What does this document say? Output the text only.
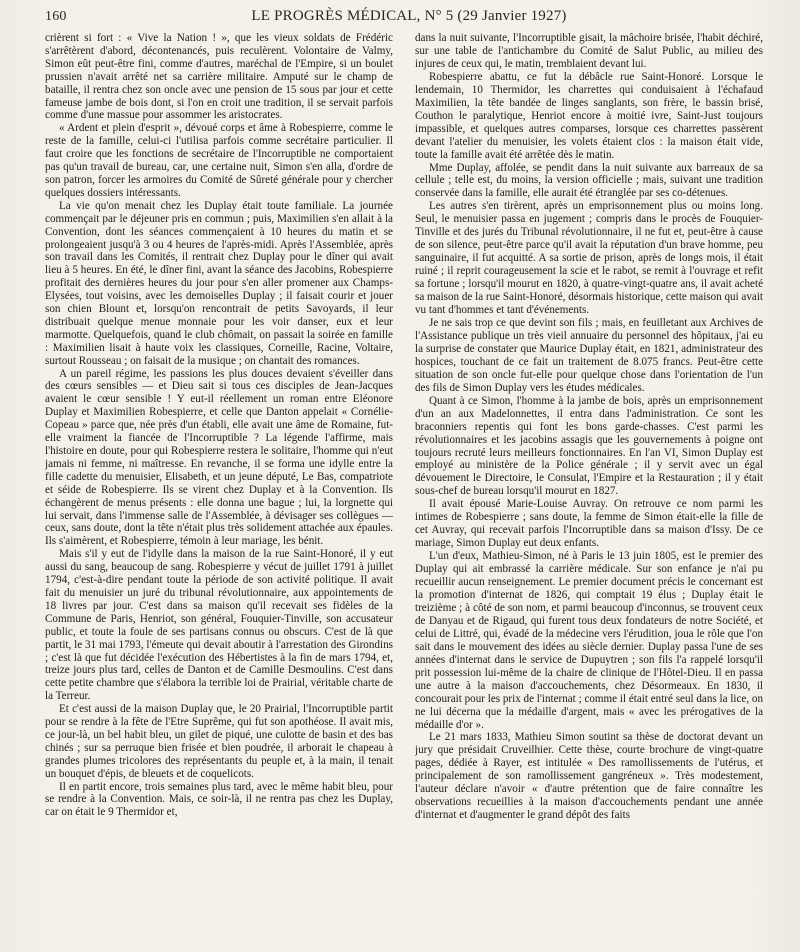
160	LE PROGRÈS MÉDICAL, N° 5 (29 Janvier 1927)

crièrent si fort : « Vive la Nation ! », que les vieux soldats de Frédéric s'arrêtèrent d'abord, décontenancés, puis reculèrent. Volontaire de Valmy, Simon eût peut-être fini, comme d'autres, maréchal de l'Empire, si un boulet prussien n'avait arrêté net sa carrière militaire. Amputé sur le champ de bataille, il rentra chez son oncle avec une pension de 15 sous par jour et cette fameuse jambe de bois dont, si l'on en croit une tradition, il se servait parfois comme d'une massue pour assommer les aristocrates.

« Ardent et plein d'esprit », dévoué corps et âme à Robespierre, comme le reste de la famille, celui-ci l'utilisa parfois comme secrétaire particulier. Il faut croire que les fonctions de secrétaire de l'Incorruptible ne comportaient pas qu'un travail de bureau, car, une certaine nuit, Simon s'en alla, d'ordre de son patron, forcer les armoires du Comité de Sûreté générale pour y chercher quelques dossiers intéressants.

La vie qu'on menait chez les Duplay était toute familiale. La journée commençait par le déjeuner pris en commun ; puis, Maximilien s'en allait à la Convention, dont les séances commençaient à 10 heures du matin et se prolongeaient jusqu'à 3 ou 4 heures de l'après-midi. Après l'Assemblée, après son travail dans les Comités, il rentrait chez Duplay pour le dîner qui avait lieu à 5 heures. En été, le dîner fini, avant la séance des Jacobins, Robespierre profitait des dernières heures du jour pour s'en aller promener aux Champs-Elysées, tout voisins, avec les demoiselles Duplay ; il faisait courir et jouer son chien Blount et, lorsqu'on rencontrait de petits Savoyards, il leur distribuait quelque menue monnaie pour les voir danser, eux et leur marmotte. Quelquefois, quand le club chômait, on passait la soirée en famille : Maximilien lisait à haute voix les classiques, Corneille, Racine, Voltaire, surtout Rousseau ; on faisait de la musique ; on chantait des romances.

A un pareil régime, les passions les plus douces devaient s'éveiller dans des cœurs sensibles — et Dieu sait si tous ces disciples de Jean-Jacques avaient le cœur sensible ! Y eut-il réellement un roman entre Eléonore Duplay et Maximilien Robespierre, et celle que Danton appelait « Cornélie-Copeau » parce que, née près d'un établi, elle avait une âme de Romaine, fut-elle vraiment la fiancée de l'Incorruptible ? La légende l'affirme, mais l'histoire en doute, pour qui Robespierre restera le solitaire, l'homme qui n'eut jamais ni femme, ni maîtresse. En revanche, il se forma une idylle entre la fille cadette du menuisier, Elisabeth, et un jeune député, Le Bas, compatriote et séide de Robespierre. Ils se virent chez Duplay et à la Convention. Ils échangèrent de menus présents : elle donna une bague ; lui, la lorgnette qui lui servait, dans l'immense salle de l'Assemblée, à dévisager ses collègues — ceux, sans doute, dont la tête n'était plus très solidement attachée aux épaules. Ils s'aimèrent, et Robespierre, témoin à leur mariage, les bénit.

Mais s'il y eut de l'idylle dans la maison de la rue Saint-Honoré, il y eut aussi du sang, beaucoup de sang. Robespierre y vécut de juillet 1791 à juillet 1794, c'est-à-dire pendant toute la période de son activité politique. Il avait fait du menuisier un juré du tribunal révolutionnaire, aux appointements de 18 livres par jour. C'est dans sa maison qu'il recevait ses fidèles de la Commune de Paris, Henriot, son général, Fouquier-Tinville, son accusateur public, et toute la foule de ses partisans connus ou obscurs. C'est de là que partit, le 31 mai 1793, l'émeute qui devait aboutir à l'arrestation des Girondins ; c'est là que fut décidée l'exécution des Hébertistes à la fin de mars 1794, et, treize jours plus tard, celles de Danton et de Camille Desmoulins. C'est dans cette petite chambre que s'élabora la terrible loi de Prairial, véritable charte de la Terreur.

Et c'est aussi de la maison Duplay que, le 20 Prairial, l'Incorruptible partit pour se rendre à la fête de l'Etre Suprême, qui fut son apothéose. Il avait mis, ce jour-là, un bel habit bleu, un gilet de piqué, une culotte de basin et des bas chinés ; sur sa perruque bien frisée et bien poudrée, il arborait le chapeau à grandes plumes tricolores des représentants du peuple et, à la main, il tenait un bouquet d'épis, de bleuets et de coquelicots.

Il en partit encore, trois semaines plus tard, avec le même habit bleu, pour se rendre à la Convention. Mais, ce soir-là, il ne rentra pas chez les Duplay, car on était le 9 Thermidor et,

dans la nuit suivante, l'Incorruptible gisait, la mâchoire brisée, l'habit déchiré, sur une table de l'antichambre du Comité de Salut Public, au milieu des injures de ceux qui, le matin, tremblaient devant lui.

Robespierre abattu, ce fut la débâcle rue Saint-Honoré. Lorsque le lendemain, 10 Thermidor, les charrettes qui conduisaient à l'échafaud Maximilien, la tête bandée de linges sanglants, son frère, le bassin brisé, Couthon le paralytique, Henriot encore à moitié ivre, Saint-Just toujours impassible, et quelques autres comparses, lorsque ces charrettes passèrent devant l'atelier du menuisier, les volets étaient clos : la maison était vide, toute la famille avait été arrêtée dès le matin.

Mme Duplay, affolée, se pendit dans la nuit suivante aux barreaux de sa cellule ; telle est, du moins, la version officielle ; mais, suivant une tradition conservée dans la famille, elle aurait été étranglée par ses co-détenues.

Les autres s'en tirèrent, après un emprisonnement plus ou moins long. Seul, le menuisier passa en jugement ; compris dans le procès de Fouquier-Tinville et des jurés du Tribunal révolutionnaire, il ne fut et, peut-être à cause de son silence, peut-être parce qu'il avait la réputation d'un brave homme, peu sanguinaire, il fut acquitté. A sa sortie de prison, après de longs mois, il était ruiné ; il reprit courageusement la scie et le rabot, se remit à l'ouvrage et refit sa fortune ; lorsqu'il mourut en 1820, à quatre-vingt-quatre ans, il avait acheté sa maison de la rue Saint-Honoré, désormais historique, cette maison qui avait vu tant d'hommes et tant d'événements.

Je ne sais trop ce que devint son fils ; mais, en feuilletant aux Archives de l'Assistance publique un très vieil annuaire du personnel des hôpitaux, j'ai eu la surprise de constater que Maurice Duplay était, en 1821, administrateur des hospices, touchant de ce fait un traitement de 8.075 francs. Peut-être cette situation de son oncle fut-elle pour quelque chose dans l'orientation de l'un des fils de Simon Duplay vers les études médicales.

Quant à ce Simon, l'homme à la jambe de bois, après un emprisonnement d'un an aux Madelonnettes, il entra dans l'administration. Ce sont les braconniers repentis qui font les bons garde-chasses. C'est parmi les révolutionnaires et les jacobins assagis que les gouvernements à poigne ont toujours recruté leurs meilleurs fonctionnaires. En l'an VI, Simon Duplay est employé au ministère de la Police générale ; il y servit avec un égal dévouement le Directoire, le Consulat, l'Empire et la Restauration ; il y était sous-chef de bureau lorsqu'il mourut en 1827.

Il avait épousé Marie-Louise Auvray. On retrouve ce nom parmi les intimes de Robespierre ; sans doute, la femme de Simon était-elle la fille de cet Auvray, qui recevait parfois l'Incorruptible dans sa maison d'Issy. De ce mariage, Simon Duplay eut deux enfants.

L'un d'eux, Mathieu-Simon, né à Paris le 13 juin 1805, est le premier des Duplay qui ait embrassé la carrière médicale. Sur son enfance je n'ai pu recueillir aucun renseignement. Le premier document précis le concernant est la promotion d'internat de 1826, qui comptait 19 élus ; Duplay était le treizième ; à côté de son nom, et parmi beaucoup d'inconnus, se trouvent ceux de Danyau et de Rigaud, qui furent tous deux fondateurs de notre Société, et celui de Littré, qui, évadé de la médecine vers l'érudition, joua le rôle que l'on sait dans le mouvement des idées au siècle dernier. Duplay passa l'une de ses années d'internat dans le service de Dupuytren ; son fils l'a rappelé lorsqu'il prit possession lui-même de la chaire de clinique de l'Hôtel-Dieu. Il en passa une autre à la maison d'accouchements, chez Désormeaux. En 1830, il concourait pour les prix de l'internat ; comme il était entré seul dans la lice, on ne lui décerna que la médaille d'argent, mais « avec les prérogatives de la médaille d'or ».

Le 21 mars 1833, Mathieu Simon soutint sa thèse de doctorat devant un jury que présidait Cruveilhier. Cette thèse, courte brochure de vingt-quatre pages, dédiée à Rayer, est intitulée « Des ramollissements de l'utérus, et principalement de son ramollissement gangréneux ». Très modestement, l'auteur déclare n'avoir « d'autre prétention que de faire connaître les observations recueillies à la maison d'accouchements pendant une année d'internat et d'augmenter le grand dépôt des faits
